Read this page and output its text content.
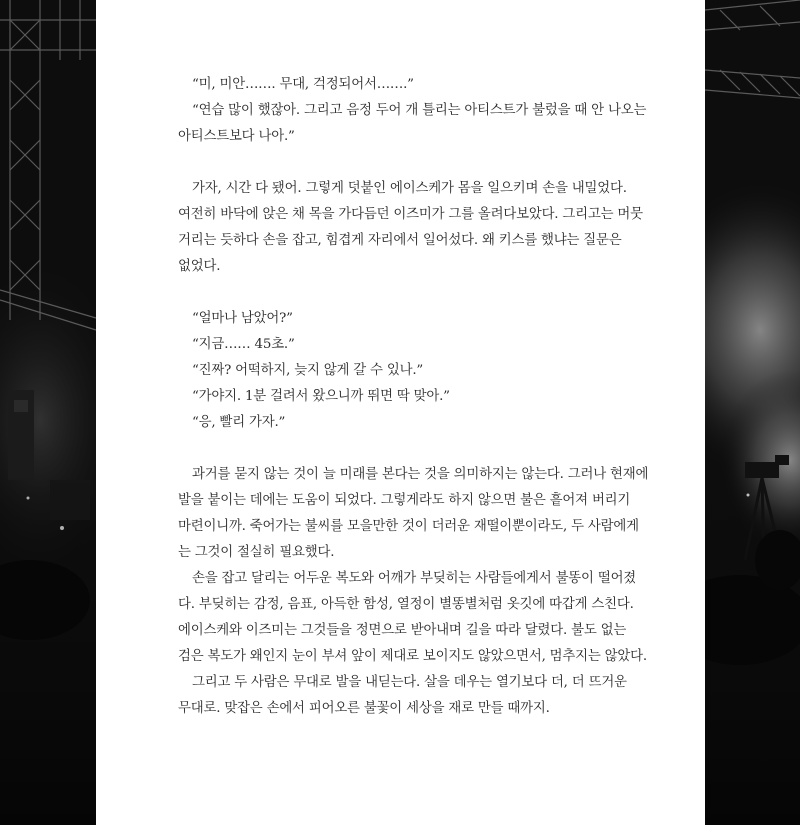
“미, 미안……. 무대, 걱정되어서…….”
“연습 많이 했잖아. 그리고 음정 두어 개 틀리는 아티스트가 불렀을 때 안 나오는
아티스트보다 나아.”
가자, 시간 다 됐어. 그렇게 덧붙인 에이스케가 몸을 일으키며 손을 내밀었다.
여전히 바닥에 앉은 채 목을 가다듬던 이즈미가 그를 올려다보았다. 그리고는 머뭇
거리는 듯하다 손을 잡고, 힘겹게 자리에서 일어섰다. 왜 키스를 했냐는 질문은
없었다.
“얼마나 남았어?”
“지금…… 45초.”
“진짜? 어떡하지, 늦지 않게 갈 수 있나.”
“가야지. 1분 걸려서 왔으니까 뛰면 딱 맞아.”
“응, 빨리 가자.”
과거를 묻지 않는 것이 늘 미래를 본다는 것을 의미하지는 않는다. 그러나 현재에
발을 붙이는 데에는 도움이 되었다. 그렇게라도 하지 않으면 불은 흩어져 버리기
마련이니까. 죽어가는 불씨를 모을만한 것이 더러운 재떨이뿐이라도, 두 사람에게
는 그것이 절실히 필요했다.
손을 잡고 달리는 어두운 복도와 어깨가 부딪히는 사람들에게서 불똥이 떨어졌
다. 부딪히는 감정, 음표, 아득한 함성, 열정이 별똥별처럼 옷깃에 따갑게 스친다.
에이스케와 이즈미는 그것들을 정면으로 받아내며 길을 따라 달렸다. 불도 없는
검은 복도가 왜인지 눈이 부셔 앞이 제대로 보이지도 않았으면서, 멈추지는 않았다.
그리고 두 사람은 무대로 발을 내딛는다. 살을 데우는 열기보다 더, 더 뜨거운
무대로. 맞잡은 손에서 피어오른 불꽃이 세상을 재로 만들 때까지.
